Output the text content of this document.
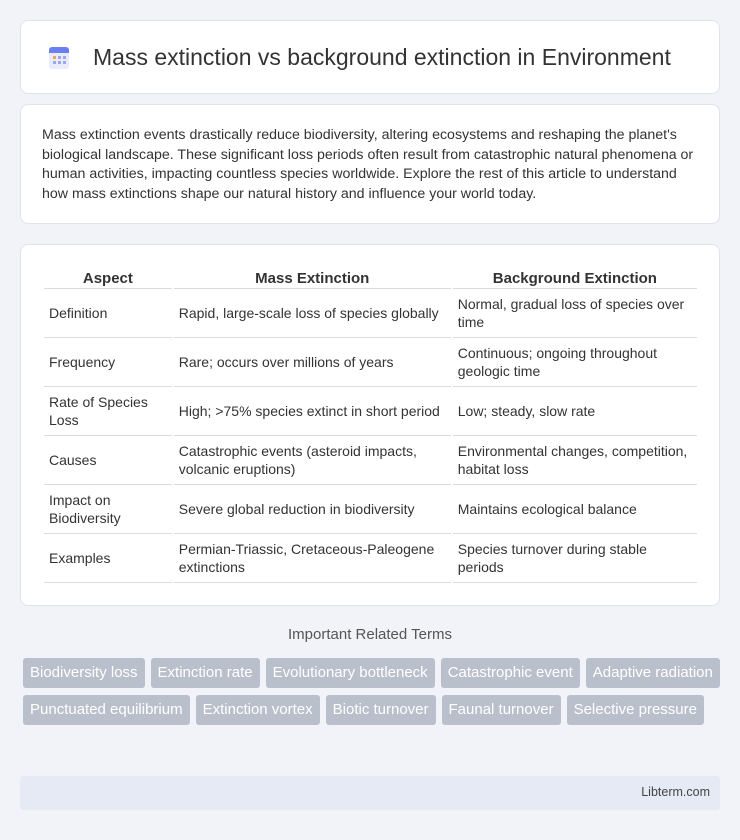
Mass extinction vs background extinction in Environment

Mass extinction events drastically reduce biodiversity, altering ecosystems and reshaping the planet's biological landscape. These significant loss periods often result from catastrophic natural phenomena or human activities, impacting countless species worldwide. Explore the rest of this article to understand how mass extinctions shape our natural history and influence your world today.

Aspect	Mass Extinction	Background Extinction
Definition	Rapid, large-scale loss of species globally	Normal, gradual loss of species over time
Frequency	Rare; occurs over millions of years	Continuous; ongoing throughout geologic time
Rate of Species Loss	High; >75% species extinct in short period	Low; steady, slow rate
Causes	Catastrophic events (asteroid impacts, volcanic eruptions)	Environmental changes, competition, habitat loss
Impact on Biodiversity	Severe global reduction in biodiversity	Maintains ecological balance
Examples	Permian-Triassic, Cretaceous-Paleogene extinctions	Species turnover during stable periods
Important Related Terms
Biodiversity loss	Extinction rate	Evolutionary bottleneck	Catastrophic event	Adaptive radiation
Punctuated equilibrium	Extinction vortex	Biotic turnover	Faunal turnover	Selective pressure
Libterm.com
